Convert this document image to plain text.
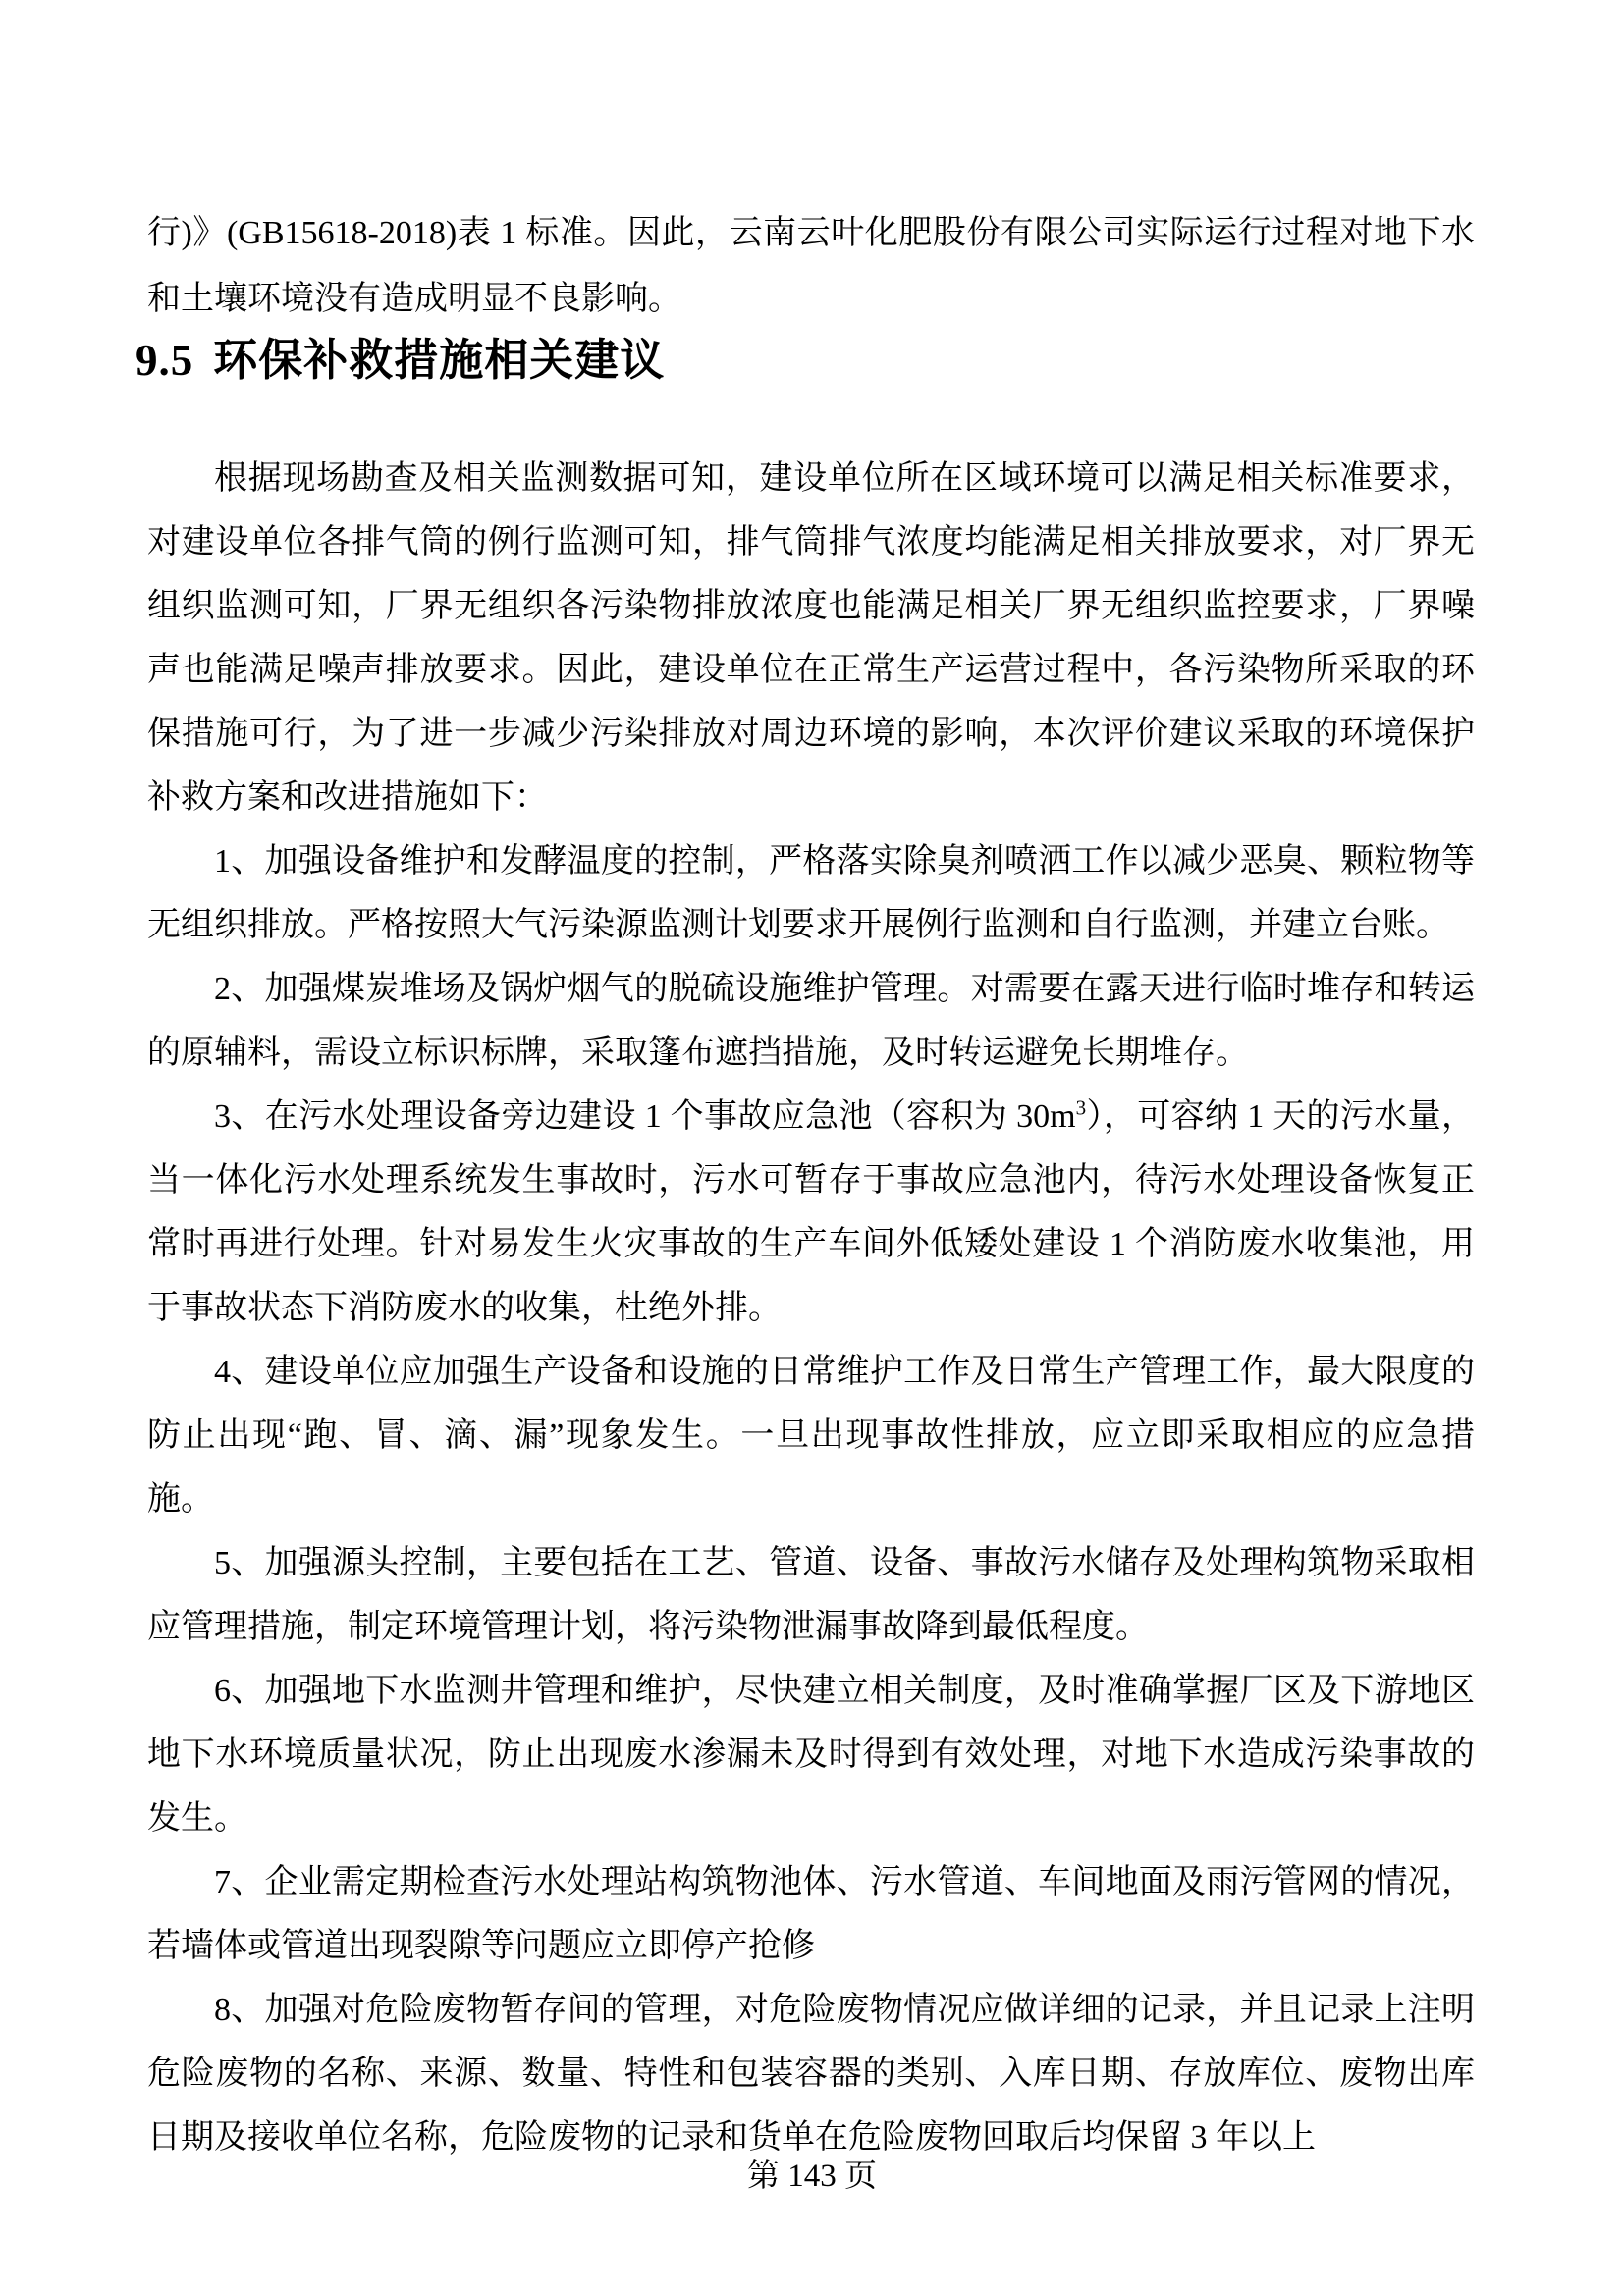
行)》(GB15618-2018)表 1 标准。因此，云南云叶化肥股份有限公司实际运行过程对地下水和土壤环境没有造成明显不良影响。

9.5 环保补救措施相关建议

根据现场勘查及相关监测数据可知，建设单位所在区域环境可以满足相关标准要求，对建设单位各排气筒的例行监测可知，排气筒排气浓度均能满足相关排放要求，对厂界无组织监测可知，厂界无组织各污染物排放浓度也能满足相关厂界无组织监控要求，厂界噪声也能满足噪声排放要求。因此，建设单位在正常生产运营过程中，各污染物所采取的环保措施可行，为了进一步减少污染排放对周边环境的影响，本次评价建议采取的环境保护补救方案和改进措施如下：

1、加强设备维护和发酵温度的控制，严格落实除臭剂喷洒工作以减少恶臭、颗粒物等无组织排放。严格按照大气污染源监测计划要求开展例行监测和自行监测，并建立台账。

2、加强煤炭堆场及锅炉烟气的脱硫设施维护管理。对需要在露天进行临时堆存和转运的原辅料，需设立标识标牌，采取篷布遮挡措施，及时转运避免长期堆存。

3、在污水处理设备旁边建设 1 个事故应急池（容积为 $30m^3$），可容纳 1 天的污水量，当一体化污水处理系统发生事故时，污水可暂存于事故应急池内，待污水处理设备恢复正常时再进行处理。针对易发生火灾事故的生产车间外低矮处建设 1 个消防废水收集池，用于事故状态下消防废水的收集，杜绝外排。

4、建设单位应加强生产设备和设施的日常维护工作及日常生产管理工作，最大限度的防止出现“跑、冒、滴、漏”现象发生。一旦出现事故性排放，应立即采取相应的应急措施。

5、加强源头控制，主要包括在工艺、管道、设备、事故污水储存及处理构筑物采取相应管理措施，制定环境管理计划，将污染物泄漏事故降到最低程度。

6、加强地下水监测井管理和维护，尽快建立相关制度，及时准确掌握厂区及下游地区地下水环境质量状况，防止出现废水渗漏未及时得到有效处理，对地下水造成污染事故的发生。

7、企业需定期检查污水处理站构筑物池体、污水管道、车间地面及雨污管网的情况，若墙体或管道出现裂隙等问题应立即停产抢修

8、加强对危险废物暂存间的管理，对危险废物情况应做详细的记录，并且记录上注明危险废物的名称、来源、数量、特性和包装容器的类别、入库日期、存放库位、废物出库日期及接收单位名称，危险废物的记录和货单在危险废物回取后均保留 3 年以上

第 143 页
